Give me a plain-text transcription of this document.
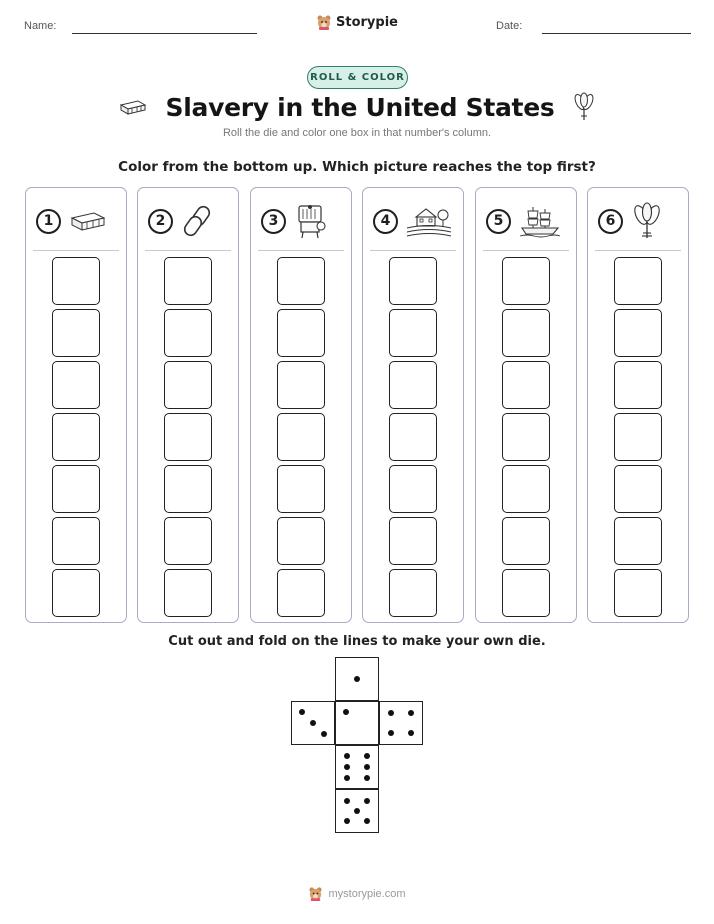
Name:	Date:
Storypie
ROLL & COLOR
Slavery in the United States

Roll the die and color one box in that number's column.

Color from the bottom up. Which picture reaches the top first?

1	2	3	4	5	6

Cut out and fold on the lines to make your own die.

mystorypie.com
